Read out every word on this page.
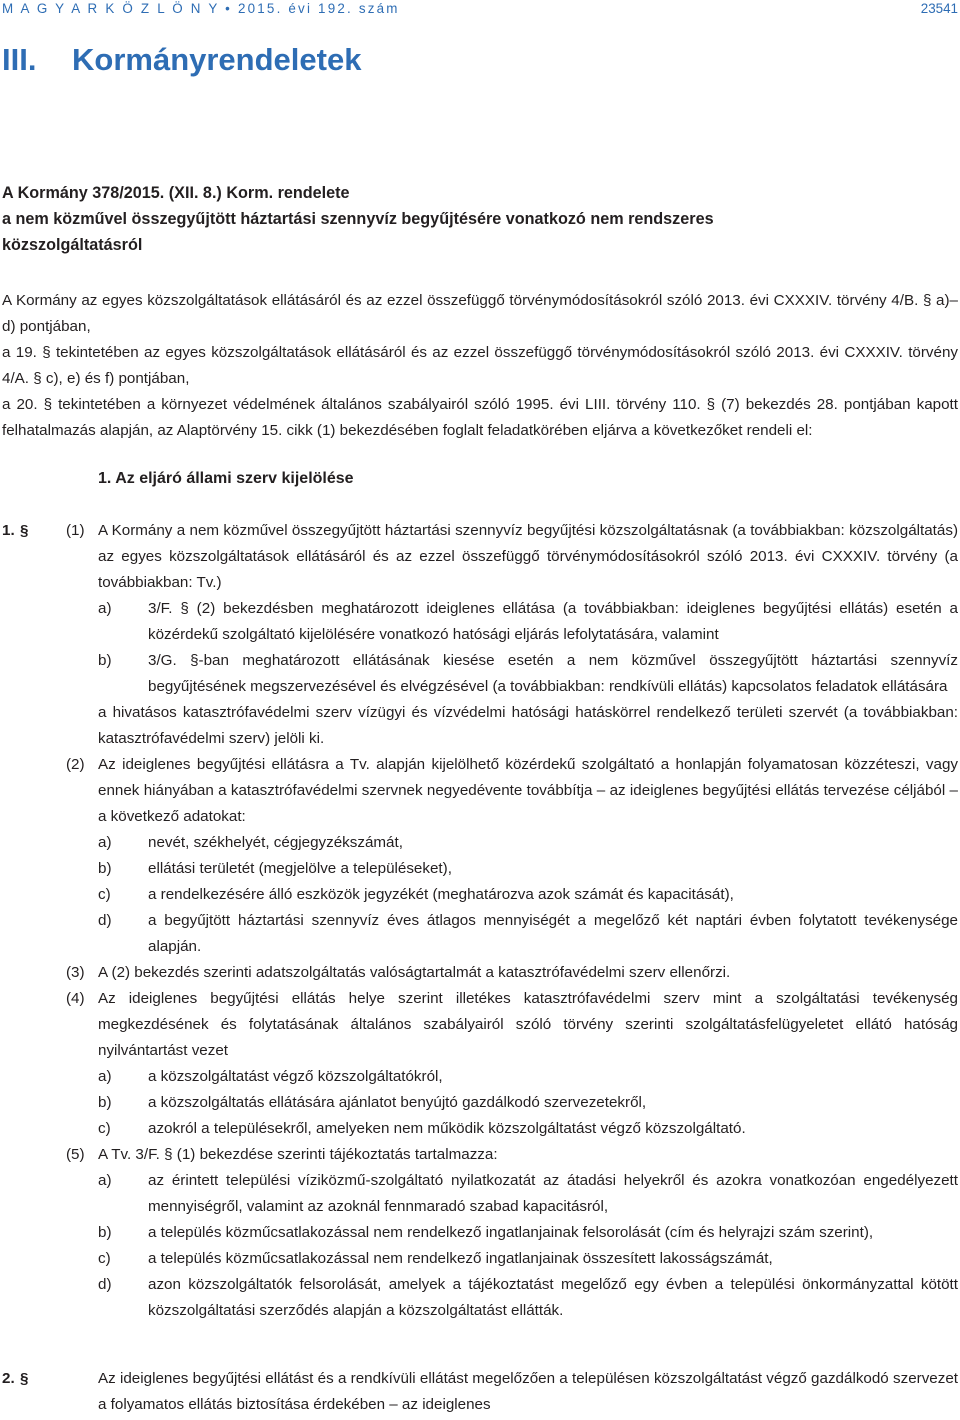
M A G Y A R K Ö Z L Ö N Y • 2015. évi 192. szám	23541
III. Kormányrendeletek
A Kormány 378/2015. (XII. 8.) Korm. rendelete
a nem közművel összegyűjtött háztartási szennyvíz begyűjtésére vonatkozó nem rendszeres
közszolgáltatásról

A Kormány az egyes közszolgáltatások ellátásáról és az ezzel összefüggő törvénymódosításokról szóló 2013. évi CXXXIV. törvény 4/B. § a)–d) pontjában,

a 19. § tekintetében az egyes közszolgáltatások ellátásáról és az ezzel összefüggő törvénymódosításokról szóló 2013. évi CXXXIV. törvény 4/A. § c), e) és f) pontjában,

a 20. § tekintetében a környezet védelmének általános szabályairól szóló 1995. évi LIII. törvény 110. § (7) bekezdés 28. pontjában kapott felhatalmazás alapján, az Alaptörvény 15. cikk (1) bekezdésében foglalt feladatkörében eljárva a következőket rendeli el:

1. Az eljáró állami szerv kijelölése
1. § (1) A Kormány a nem közművel összegyűjtött háztartási szennyvíz begyűjtési közszolgáltatásnak (a továbbiakban: közszolgáltatás) az egyes közszolgáltatások ellátásáról és az ezzel összefüggő törvénymódosításokról szóló 2013. évi CXXXIV. törvény (a továbbiakban: Tv.)

a) 3/F. § (2) bekezdésben meghatározott ideiglenes ellátása (a továbbiakban: ideiglenes begyűjtési ellátás) esetén a közérdekű szolgáltató kijelölésére vonatkozó hatósági eljárás lefolytatására, valamint

b) 3/G. §-ban meghatározott ellátásának kiesése esetén a nem közművel összegyűjtött háztartási szennyvíz begyűjtésének megszervezésével és elvégzésével (a továbbiakban: rendkívüli ellátás) kapcsolatos feladatok ellátására

a hivatásos katasztrófavédelmi szerv vízügyi és vízvédelmi hatósági hatáskörrel rendelkező területi szervét (a továbbiakban: katasztrófavédelmi szerv) jelöli ki.

(2) Az ideiglenes begyűjtési ellátásra a Tv. alapján kijelölhető közérdekű szolgáltató a honlapján folyamatosan közzéteszi, vagy ennek hiányában a katasztrófavédelmi szervnek negyedévente továbbítja – az ideiglenes begyűjtési ellátás tervezése céljából – a következő adatokat:

a) nevét, székhelyét, cégjegyzékszámát,

b) ellátási területét (megjelölve a településeket),

c) a rendelkezésére álló eszközök jegyzékét (meghatározva azok számát és kapacitását),

d) a begyűjtött háztartási szennyvíz éves átlagos mennyiségét a megelőző két naptári évben folytatott tevékenysége alapján.

(3) A (2) bekezdés szerinti adatszolgáltatás valóságtartalmát a katasztrófavédelmi szerv ellenőrzi.

(4) Az ideiglenes begyűjtési ellátás helye szerint illetékes katasztrófavédelmi szerv mint a szolgáltatási tevékenység megkezdésének és folytatásának általános szabályairól szóló törvény szerinti szolgáltatásfelügyeletet ellátó hatóság nyilvántartást vezet

a) a közszolgáltatást végző közszolgáltatókról,

b) a közszolgáltatás ellátására ajánlatot benyújtó gazdálkodó szervezetekről,

c) azokról a településekről, amelyeken nem működik közszolgáltatást végző közszolgáltató.

(5) A Tv. 3/F. § (1) bekezdése szerinti tájékoztatás tartalmazza:

a) az érintett települési víziközmű-szolgáltató nyilatkozatát az átadási helyekről és azokra vonatkozóan engedélyezett mennyiségről, valamint az azoknál fennmaradó szabad kapacitásról,

b) a település közműcsatlakozással nem rendelkező ingatlanjainak felsorolását (cím és helyrajzi szám szerint),

c) a település közműcsatlakozással nem rendelkező ingatlanjainak összesített lakosságszámát,

d) azon közszolgáltatók felsorolását, amelyek a tájékoztatást megelőző egy évben a települési önkormányzattal kötött közszolgáltatási szerződés alapján a közszolgáltatást ellátták.

2. §	Az ideiglenes begyűjtési ellátást és a rendkívüli ellátást megelőzően a településen közszolgáltatást végző gazdálkodó szervezet a folyamatos ellátás biztosítása érdekében – az ideiglenes
